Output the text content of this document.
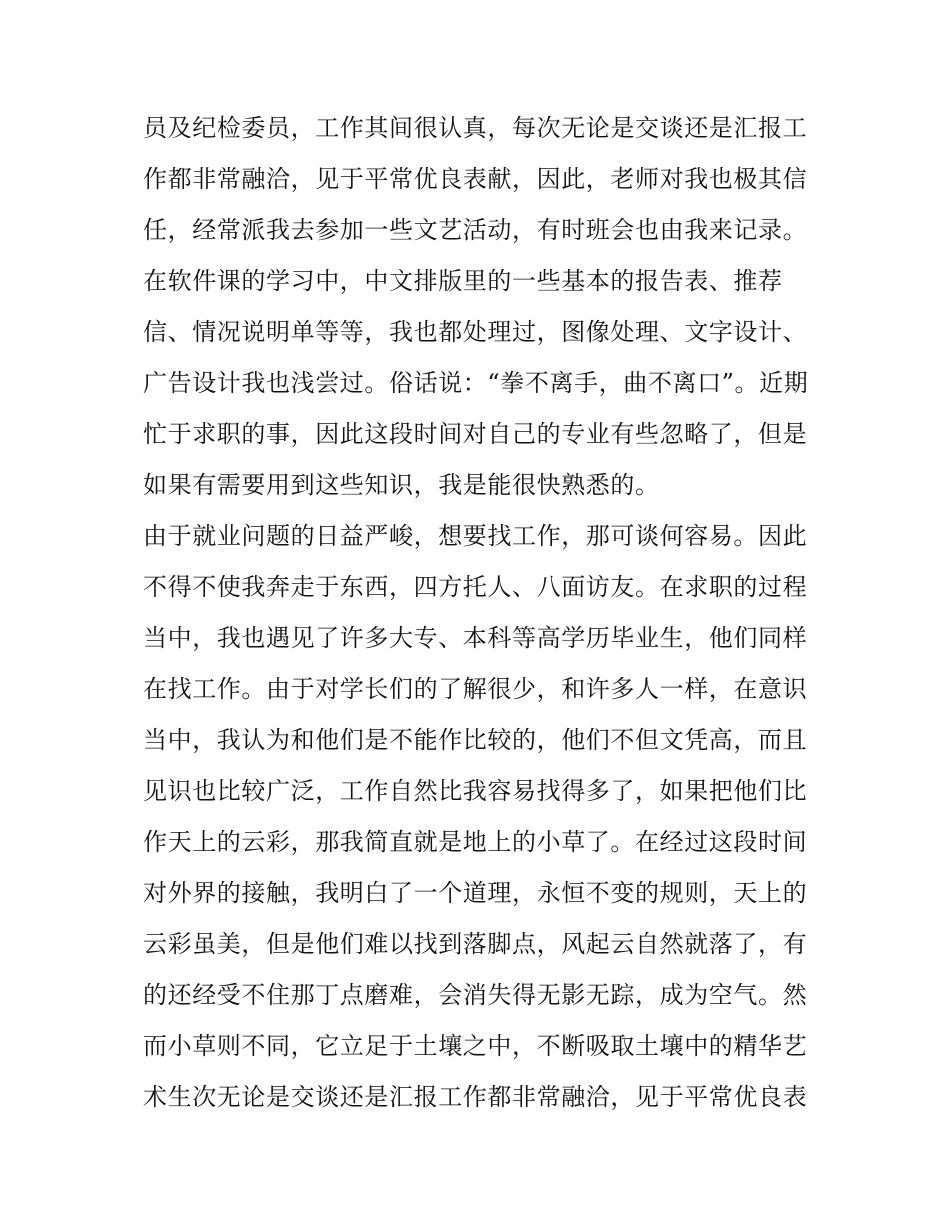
员及纪检委员，工作其间很认真，每次无论是交谈还是汇报工
作都非常融洽，见于平常优良表献，因此，老师对我也极其信
任，经常派我去参加一些文艺活动，有时班会也由我来记录。
在软件课的学习中，中文排版里的一些基本的报告表、推荐
信、情况说明单等等，我也都处理过，图像处理、文字设计、
广告设计我也浅尝过。俗话说：“拳不离手，曲不离口”。近期
忙于求职的事，因此这段时间对自己的专业有些忽略了，但是
如果有需要用到这些知识，我是能很快熟悉的。
由于就业问题的日益严峻，想要找工作，那可谈何容易。因此
不得不使我奔走于东西，四方托人、八面访友。在求职的过程
当中，我也遇见了许多大专、本科等高学历毕业生，他们同样
在找工作。由于对学长们的了解很少，和许多人一样，在意识
当中，我认为和他们是不能作比较的，他们不但文凭高，而且
见识也比较广泛，工作自然比我容易找得多了，如果把他们比
作天上的云彩，那我简直就是地上的小草了。在经过这段时间
对外界的接触，我明白了一个道理，永恒不变的规则，天上的
云彩虽美，但是他们难以找到落脚点，风起云自然就落了，有
的还经受不住那丁点磨难，会消失得无影无踪，成为空气。然
而小草则不同，它立足于土壤之中，不断吸取土壤中的精华艺
术生次无论是交谈还是汇报工作都非常融洽，见于平常优良表
